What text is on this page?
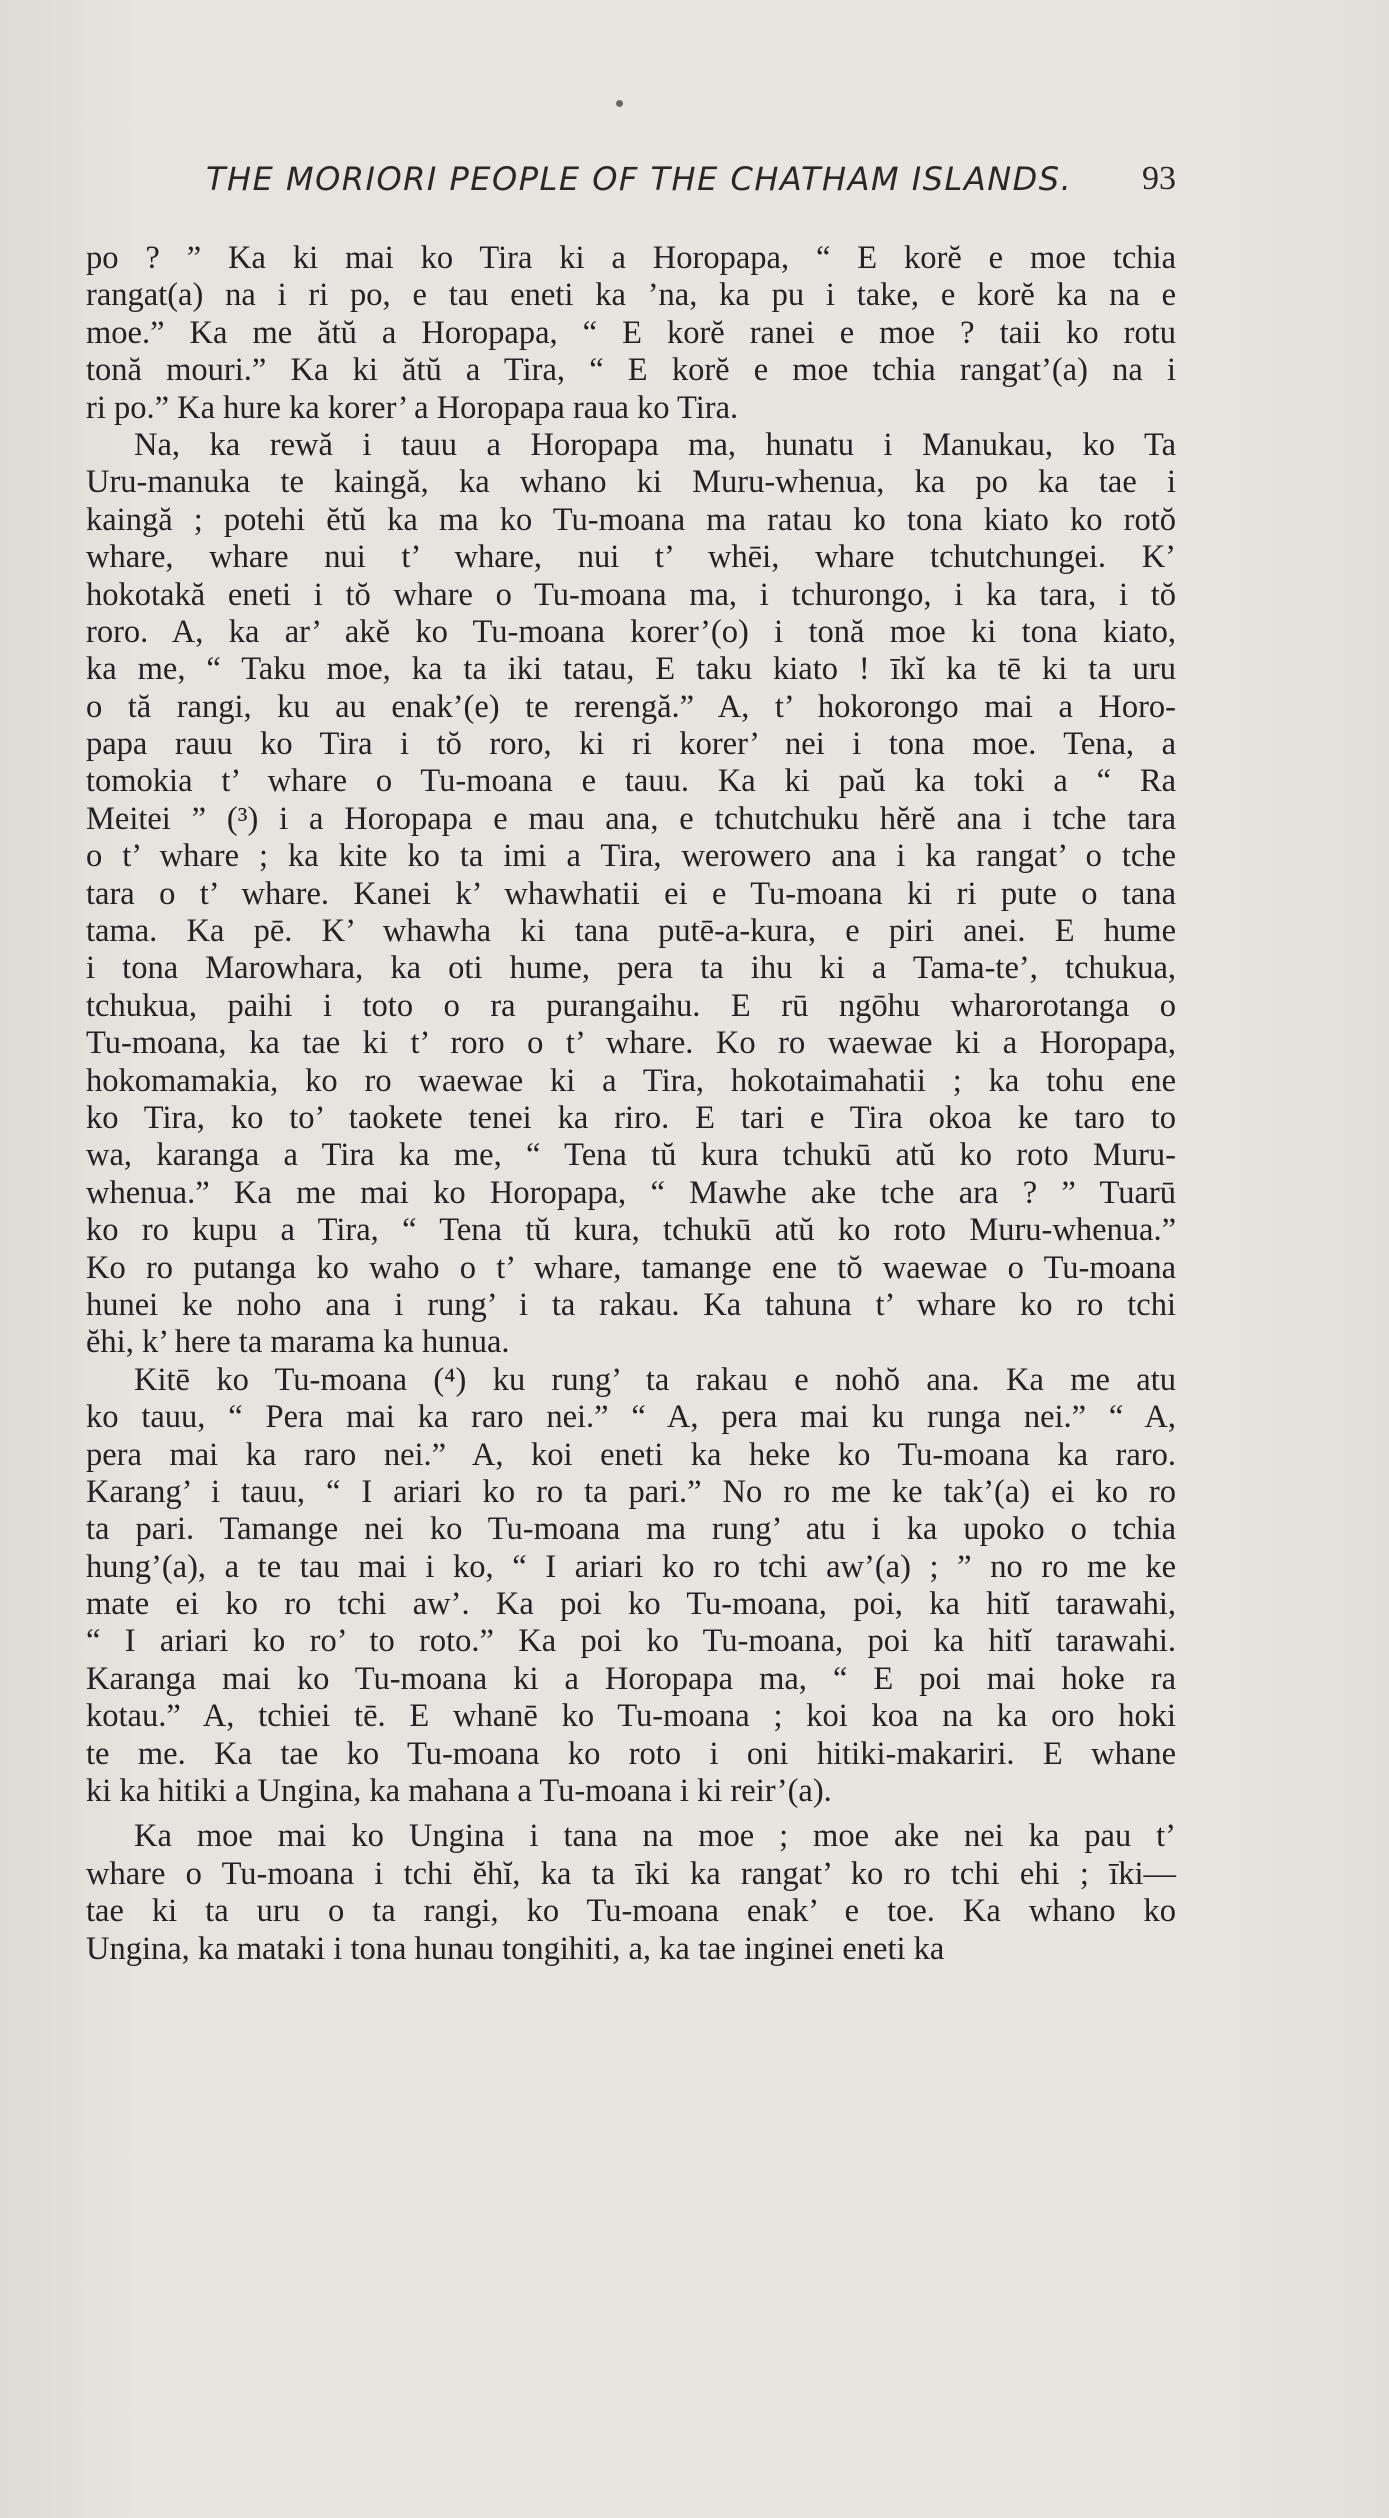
THE MORIORI PEOPLE OF THE CHATHAM ISLANDS. 93
po ? ” Ka ki mai ko Tira ki a Horopapa, “ E korĕ e moe tchia
rangat(a) na i ri po, e tau eneti ka ’na, ka pu i take, e korĕ ka na e
moe.” Ka me ătŭ a Horopapa, “ E korĕ ranei e moe ? taii ko rotu
tonă mouri.” Ka ki ătŭ a Tira, “ E korĕ e moe tchia rangat’(a) na i
ri po.” Ka hure ka korer’ a Horopapa raua ko Tira.
Na, ka rewă i tauu a Horopapa ma, hunatu i Manukau, ko Ta
Uru-manuka te kaingă, ka whano ki Muru-whenua, ka po ka tae i
kaingă ; potehi ĕtŭ ka ma ko Tu-moana ma ratau ko tona kiato ko rotŏ
whare, whare nui t’ whare, nui t’ whēi, whare tchutchungei. K’
hokotakă eneti i tŏ whare o Tu-moana ma, i tchurongo, i ka tara, i tŏ
roro. A, ka ar’ akĕ ko Tu-moana korer’(o) i tonă moe ki tona kiato,
ka me, “ Taku moe, ka ta iki tatau, E taku kiato ! īkĭ ka tē ki ta uru
o tă rangi, ku au enak’(e) te rerengă.” A, t’ hokorongo mai a Horo-
papa rauu ko Tira i tŏ roro, ki ri korer’ nei i tona moe. Tena, a
tomokia t’ whare o Tu-moana e tauu. Ka ki paŭ ka toki a “ Ra
Meitei ” (³) i a Horopapa e mau ana, e tchutchuku hĕrĕ ana i tche tara
o t’ whare ; ka kite ko ta imi a Tira, werowero ana i ka rangat’ o tche
tara o t’ whare. Kanei k’ whawhatii ei e Tu-moana ki ri pute o tana
tama. Ka pē. K’ whawha ki tana putē-a-kura, e piri anei. E hume
i tona Marowhara, ka oti hume, pera ta ihu ki a Tama-te’, tchukua,
tchukua, paihi i toto o ra purangaihu. E rū ngōhu wharorotanga o
Tu-moana, ka tae ki t’ roro o t’ whare. Ko ro waewae ki a Horopapa,
hokomamakia, ko ro waewae ki a Tira, hokotaimahatii ; ka tohu ene
ko Tira, ko to’ taokete tenei ka riro. E tari e Tira okoa ke taro to
wa, karanga a Tira ka me, “ Tena tŭ kura tchukū atŭ ko roto Muru-
whenua.” Ka me mai ko Horopapa, “ Mawhe ake tche ara ? ” Tuarū
ko ro kupu a Tira, “ Tena tŭ kura, tchukū atŭ ko roto Muru-whenua.”
Ko ro putanga ko waho o t’ whare, tamange ene tŏ waewae o Tu-moana
hunei ke noho ana i rung’ i ta rakau. Ka tahuna t’ whare ko ro tchi
ĕhi, k’ here ta marama ka hunua.
Kitē ko Tu-moana (⁴) ku rung’ ta rakau e nohŏ ana. Ka me atu
ko tauu, “ Pera mai ka raro nei.” “ A, pera mai ku runga nei.” “ A,
pera mai ka raro nei.” A, koi eneti ka heke ko Tu-moana ka raro.
Karang’ i tauu, “ I ariari ko ro ta pari.” No ro me ke tak’(a) ei ko ro
ta pari. Tamange nei ko Tu-moana ma rung’ atu i ka upoko o tchia
hung’(a), a te tau mai i ko, “ I ariari ko ro tchi aw’(a) ; ” no ro me ke
mate ei ko ro tchi aw’. Ka poi ko Tu-moana, poi, ka hitĭ tarawahi,
“ I ariari ko ro’ to roto.” Ka poi ko Tu-moana, poi ka hitĭ tarawahi.
Karanga mai ko Tu-moana ki a Horopapa ma, “ E poi mai hoke ra
kotau.” A, tchiei tē. E whanē ko Tu-moana ; koi koa na ka oro hoki
te me. Ka tae ko Tu-moana ko roto i oni hitiki-makariri. E whane
ki ka hitiki a Ungina, ka mahana a Tu-moana i ki reir’(a).
Ka moe mai ko Ungina i tana na moe ; moe ake nei ka pau t’
whare o Tu-moana i tchi ĕhĭ, ka ta īki ka rangat’ ko ro tchi ehi ; īki—
tae ki ta uru o ta rangi, ko Tu-moana enak’ e toe. Ka whano ko
Ungina, ka mataki i tona hunau tongihiti, a, ka tae inginei eneti ka
